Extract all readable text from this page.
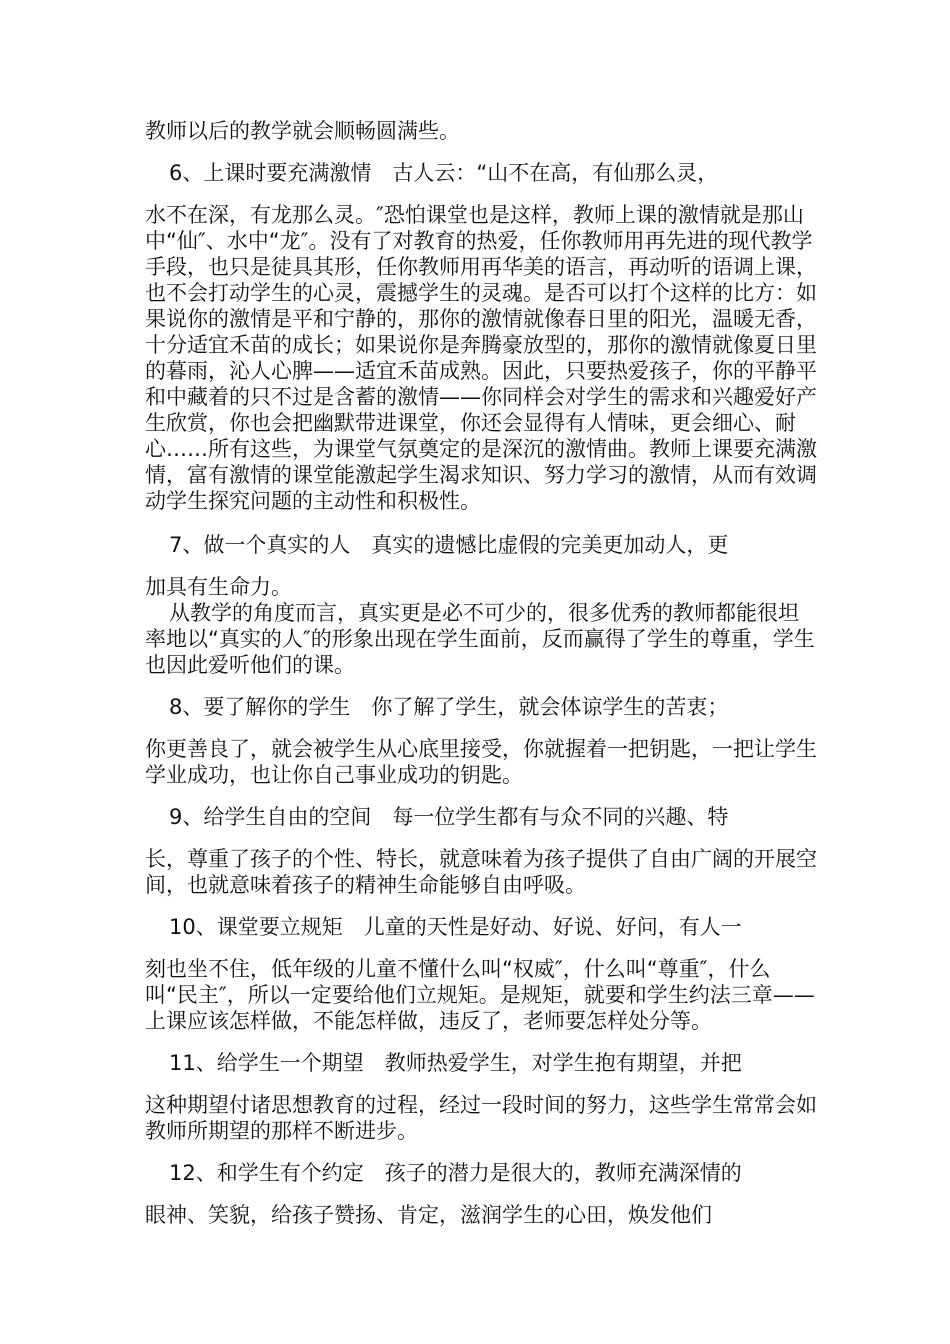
教师以后的教学就会顺畅圆满些。

6、上课时要充满激情　 古人云：“山不在高，有仙那么灵，

水不在深，有龙那么灵。″恐怕课堂也是这样，教师上课的激情就是那山中“仙″、水中“龙″。没有了对教育的热爱，任你教师用再先进的现代教学手段，也只是徒具其形，任你教师用再华美的语言，再动听的语调上课，也不会打动学生的心灵，震撼学生的灵魂。是否可以打个这样的比方：如果说你的激情是平和宁静的，那你的激情就像春日里的阳光，温暖无香，十分适宜禾苗的成长；如果说你是奔腾豪放型的，那你的激情就像夏日里的暮雨，沁人心脾——适宜禾苗成熟。因此，只要热爱孩子，你的平静平和中藏着的只不过是含蓄的激情——你同样会对学生的需求和兴趣爱好产生欣赏，你也会把幽默带进课堂，你还会显得有人情味，更会细心、耐心……所有这些，为课堂气氛奠定的是深沉的激情曲。教师上课要充满激情，富有激情的课堂能激起学生渴求知识、努力学习的激情，从而有效调动学生探究问题的主动性和积极性。

7、做一个真实的人　 真实的遗憾比虚假的完美更加动人，更

加具有生命力。

从教学的角度而言，真实更是必不可少的，很多优秀的教师都能很坦率地以“真实的人″的形象出现在学生面前，反而赢得了学生的尊重，学生也因此爱听他们的课。

8、要了解你的学生　 你了解了学生，就会体谅学生的苦衷；

你更善良了，就会被学生从心底里接受，你就握着一把钥匙，一把让学生学业成功，也让你自己事业成功的钥匙。

9、给学生自由的空间　 每一位学生都有与众不同的兴趣、特

长，尊重了孩子的个性、特长，就意味着为孩子提供了自由广阔的开展空间，也就意味着孩子的精神生命能够自由呼吸。

10、课堂要立规矩　 儿童的天性是好动、好说、好问，有人一

刻也坐不住，低年级的儿童不懂什么叫“权威″，什么叫“尊重″，什么叫“民主″，所以一定要给他们立规矩。是规矩，就要和学生约法三章——上课应该怎样做，不能怎样做，违反了，老师要怎样处分等。

11、给学生一个期望　 教师热爱学生，对学生抱有期望，并把

这种期望付诸思想教育的过程，经过一段时间的努力，这些学生常常会如教师所期望的那样不断进步。

12、和学生有个约定　 孩子的潜力是很大的，教师充满深情的

眼神、笑貌，给孩子赞扬、肯定，滋润学生的心田，焕发他们
